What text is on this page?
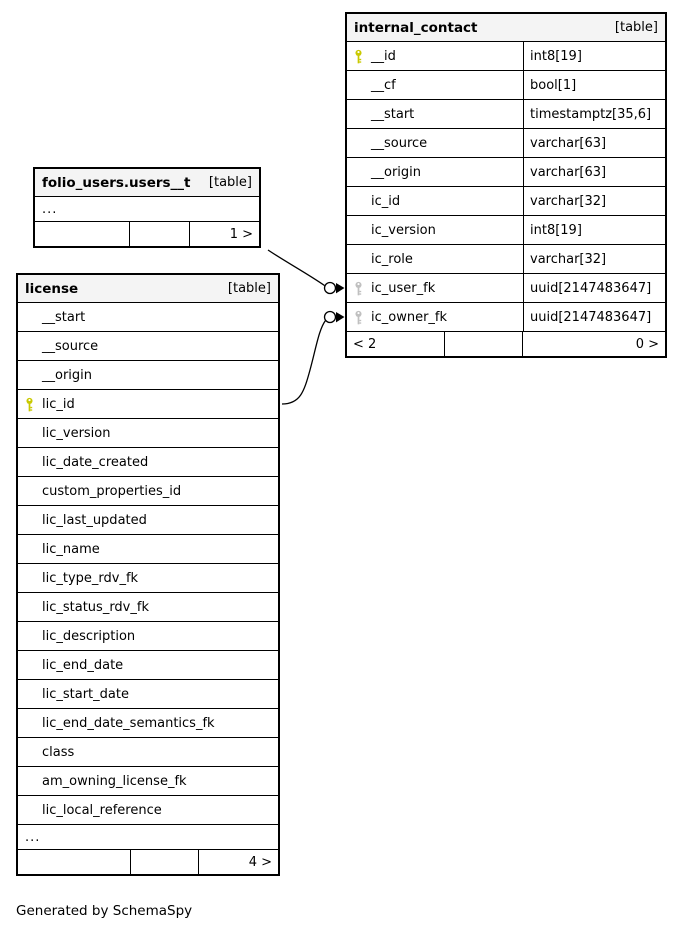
internal_contact	[table]
__id	int8[19]
__cf	bool[1]
__start	timestamptz[35,6]
__source	varchar[63]
__origin	varchar[63]
ic_id	varchar[32]
ic_version	int8[19]
ic_role	varchar[32]
ic_user_fk	uuid[2147483647]
ic_owner_fk	uuid[2147483647]
< 2	0 >
folio_users.users__t [table]
...
1 >
license	[table]
__start
__source
__origin
lic_id
lic_version
lic_date_created
custom_properties_id
lic_last_updated
lic_name
lic_type_rdv_fk
lic_status_rdv_fk
lic_description
lic_end_date
lic_start_date
lic_end_date_semantics_fk
class
am_owning_license_fk
lic_local_reference
...
4 >
Generated by SchemaSpy
